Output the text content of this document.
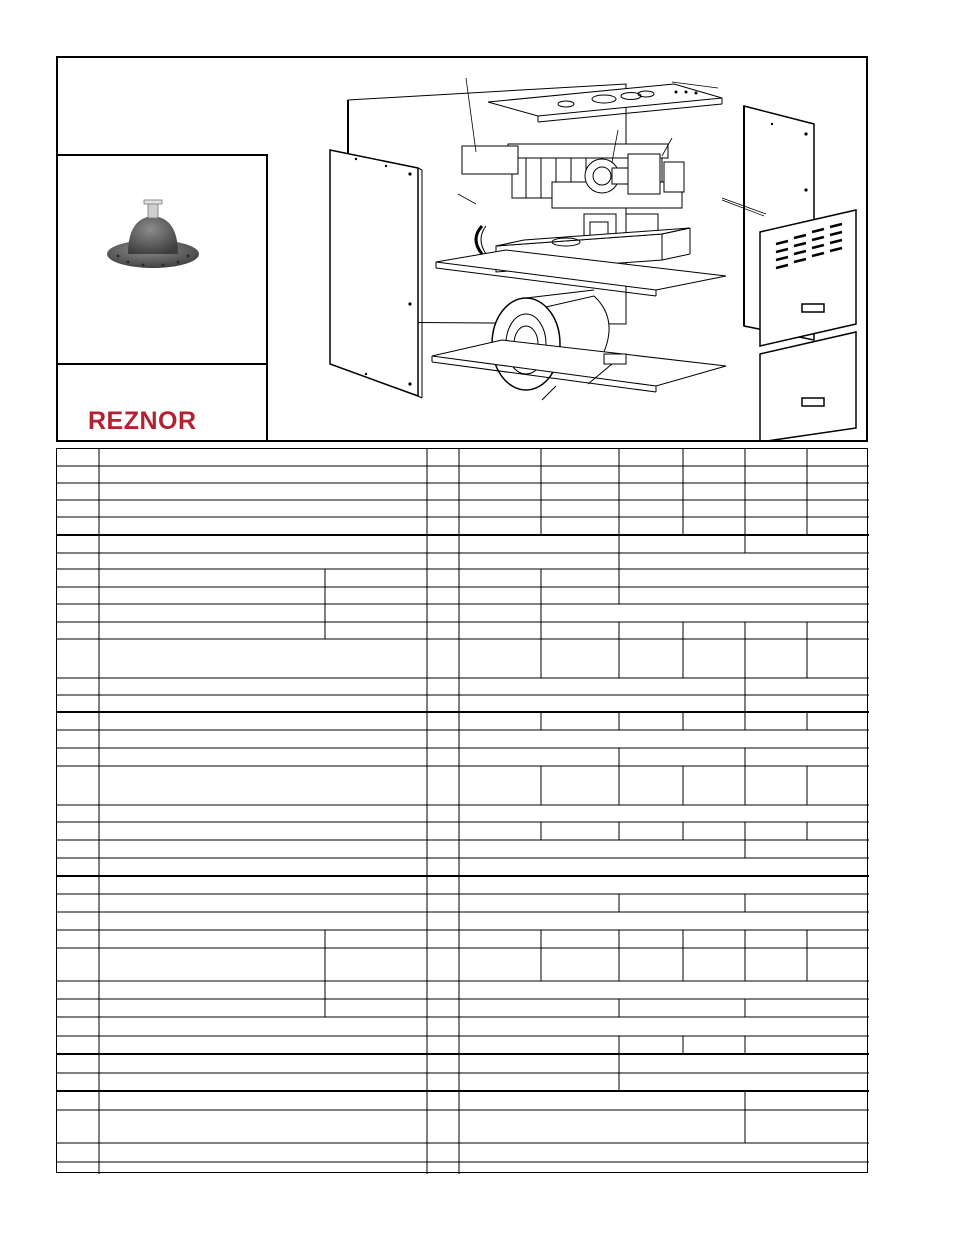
REZNOR
